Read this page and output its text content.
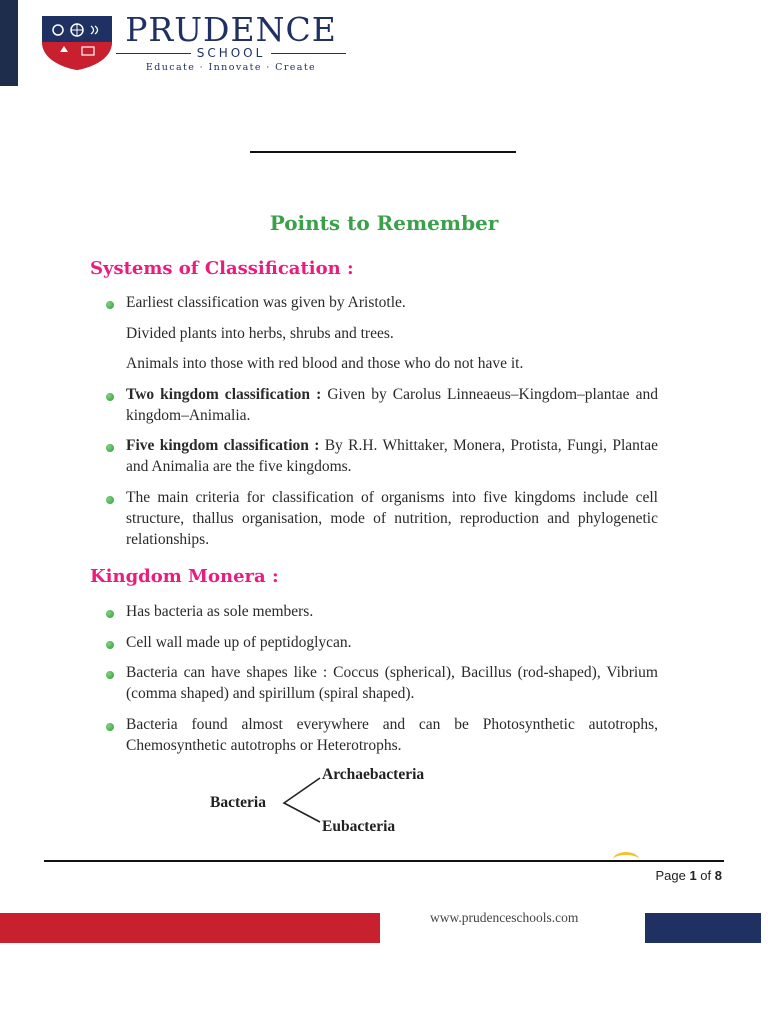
PRUDENCE
SCHOOL
Educate · Innovate · Create
Points to Remember
Systems of Classification :
Earliest classification was given by Aristotle.
Divided plants into herbs, shrubs and trees.
Animals into those with red blood and those who do not have it.
Two kingdom classification : Given by Carolus Linneaeus–Kingdom–plantae and kingdom–Animalia.
Five kingdom classification : By R.H. Whittaker, Monera, Protista, Fungi, Plantae and Animalia are the five kingdoms.
The main criteria for classification of organisms into five kingdoms include cell structure, thallus organisation, mode of nutrition, reproduction and phylogenetic relationships.
Kingdom Monera :
Has bacteria as sole members.
Cell wall made up of peptidoglycan.
Bacteria can have shapes like : Coccus (spherical), Bacillus (rod-shaped), Vibrium (comma shaped) and spirillum (spiral shaped).
Bacteria found almost everywhere and can be Photosynthetic autotrophs, Chemosynthetic autotrophs or Heterotrophs.
Bacteria
Archaebacteria
Eubacteria
Page 1 of 8
www.prudenceschools.com
